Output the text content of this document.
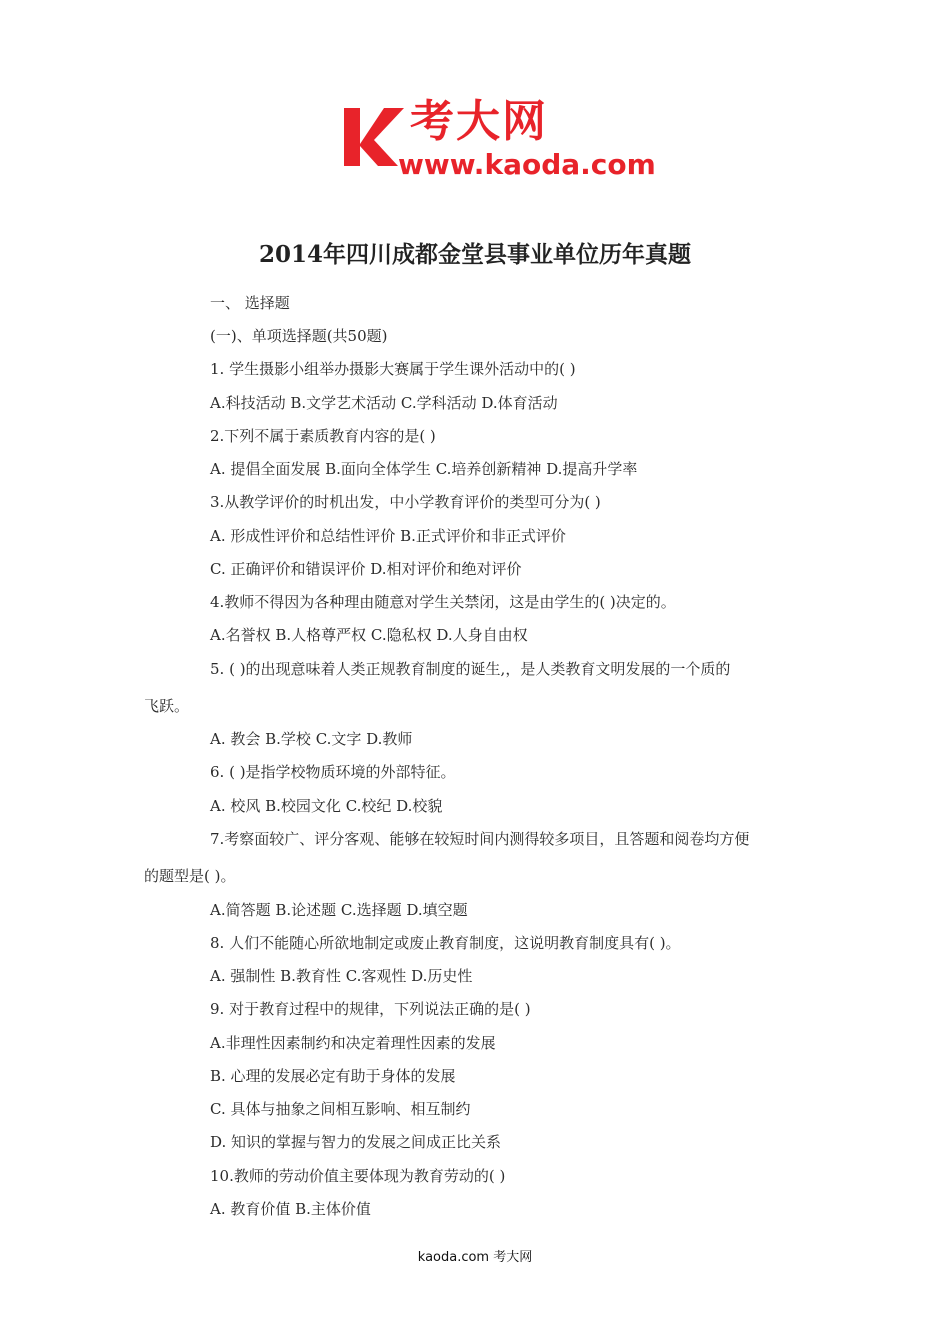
考大网
www.kaoda.com
2014年四川成都金堂县事业单位历年真题
一、 选择题
(一)、单项选择题(共50题)
1. 学生摄影小组举办摄影大赛属于学生课外活动中的( )
A.科技活动 B.文学艺术活动 C.学科活动 D.体育活动
2.下列不属于素质教育内容的是( )
A. 提倡全面发展 B.面向全体学生 C.培养创新精神 D.提高升学率
3.从教学评价的时机出发，中小学教育评价的类型可分为( )
A. 形成性评价和总结性评价 B.正式评价和非正式评价
C. 正确评价和错误评价 D.相对评价和绝对评价
4.教师不得因为各种理由随意对学生关禁闭，这是由学生的( )决定的。
A.名誉权 B.人格尊严权 C.隐私权 D.人身自由权
5. ( )的出现意味着人类正规教育制度的诞生,，是人类教育文明发展的一个质的
飞跃。
A. 教会 B.学校 C.文字 D.教师
6. ( )是指学校物质环境的外部特征。
A. 校风 B.校园文化 C.校纪 D.校貌
7.考察面较广、评分客观、能够在较短时间内测得较多项目，且答题和阅卷均方便
的题型是( )。
A.简答题 B.论述题 C.选择题 D.填空题
8. 人们不能随心所欲地制定或废止教育制度，这说明教育制度具有( )。
A. 强制性 B.教育性 C.客观性 D.历史性
9. 对于教育过程中的规律，下列说法正确的是( )
A.非理性因素制约和决定着理性因素的发展
B. 心理的发展必定有助于身体的发展
C. 具体与抽象之间相互影响、相互制约
D. 知识的掌握与智力的发展之间成正比关系
10.教师的劳动价值主要体现为教育劳动的( )
A. 教育价值 B.主体价值
kaoda.com 考大网
